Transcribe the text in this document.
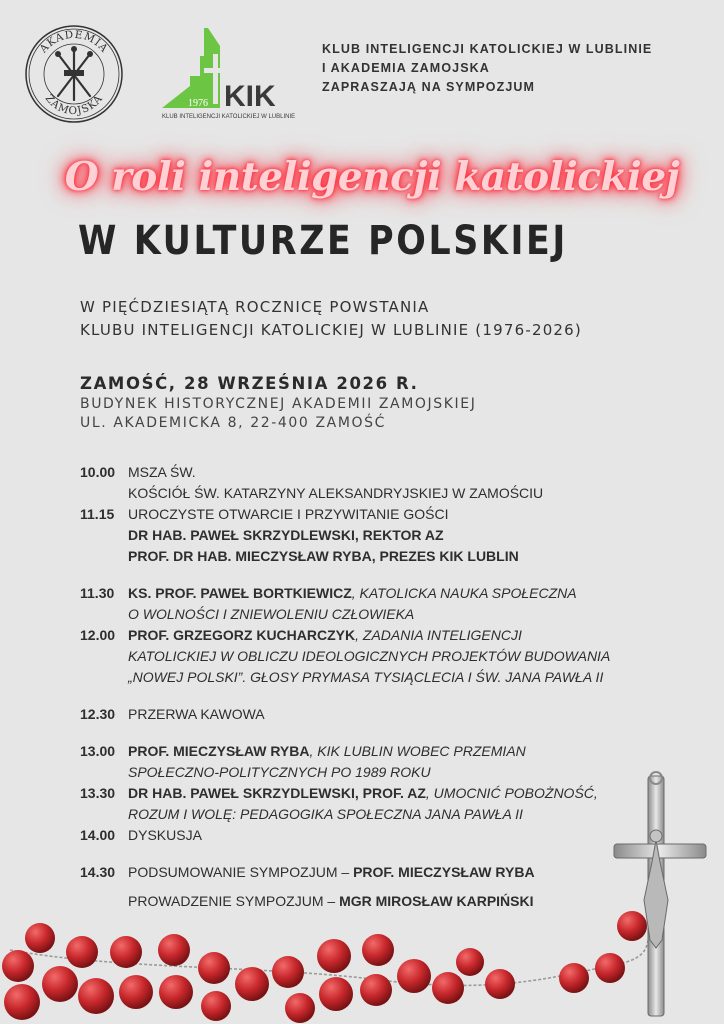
AKADEMIA
ZAMOJSKA	1976 KIK
KLUB INTELIGENCJI KATOLICKIEJ W LUBLINIE
KLUB INTELIGENCJI KATOLICKIEJ W LUBLINIE
I AKADEMIA ZAMOJSKA
ZAPRASZAJĄ NA SYMPOZJUM
O roli inteligencji katolickiej
W KULTURZE POLSKIEJ
W PIĘĆDZIESIĄTĄ ROCZNICĘ POWSTANIA
KLUBU INTELIGENCJI KATOLICKIEJ W LUBLINIE (1976-2026)
ZAMOŚĆ, 28 WRZEŚNIA 2026 R.
BUDYNEK HISTORYCZNEJ AKADEMII ZAMOJSKIEJ
UL. AKADEMICKA 8, 22-400 ZAMOŚĆ
10.00 MSZA ŚW.
KOŚCIÓŁ ŚW. KATARZYNY ALEKSANDRYJSKIEJ W ZAMOŚCIU
11.15 UROCZYSTE OTWARCIE I PRZYWITANIE GOŚCI
DR HAB. PAWEŁ SKRZYDLEWSKI, REKTOR AZ
PROF. DR HAB. MIECZYSŁAW RYBA, PREZES KIK LUBLIN
11.30 KS. PROF. PAWEŁ BORTKIEWICZ, KATOLICKA NAUKA SPOŁECZNA
O WOLNOŚCI I ZNIEWOLENIU CZŁOWIEKA
12.00 PROF. GRZEGORZ KUCHARCZYK, ZADANIA INTELIGENCJI
KATOLICKIEJ W OBLICZU IDEOLOGICZNYCH PROJEKTÓW BUDOWANIA
„NOWEJ POLSKI”. GŁOSY PRYMASA TYSIĄCLECIA I ŚW. JANA PAWŁA II
12.30 PRZERWA KAWOWA
13.00 PROF. MIECZYSŁAW RYBA, KIK LUBLIN WOBEC PRZEMIAN
SPOŁECZNO-POLITYCZNYCH PO 1989 ROKU
13.30 DR HAB. PAWEŁ SKRZYDLEWSKI, PROF. AZ, UMOCNIĆ POBOŻNOŚĆ,
ROZUM I WOLĘ: PEDAGOGIKA SPOŁECZNA JANA PAWŁA II
14.00 DYSKUSJA
14.30 PODSUMOWANIE SYMPOZJUM – PROF. MIECZYSŁAW RYBA
PROWADZENIE SYMPOZJUM – MGR MIROSŁAW KARPIŃSKI
